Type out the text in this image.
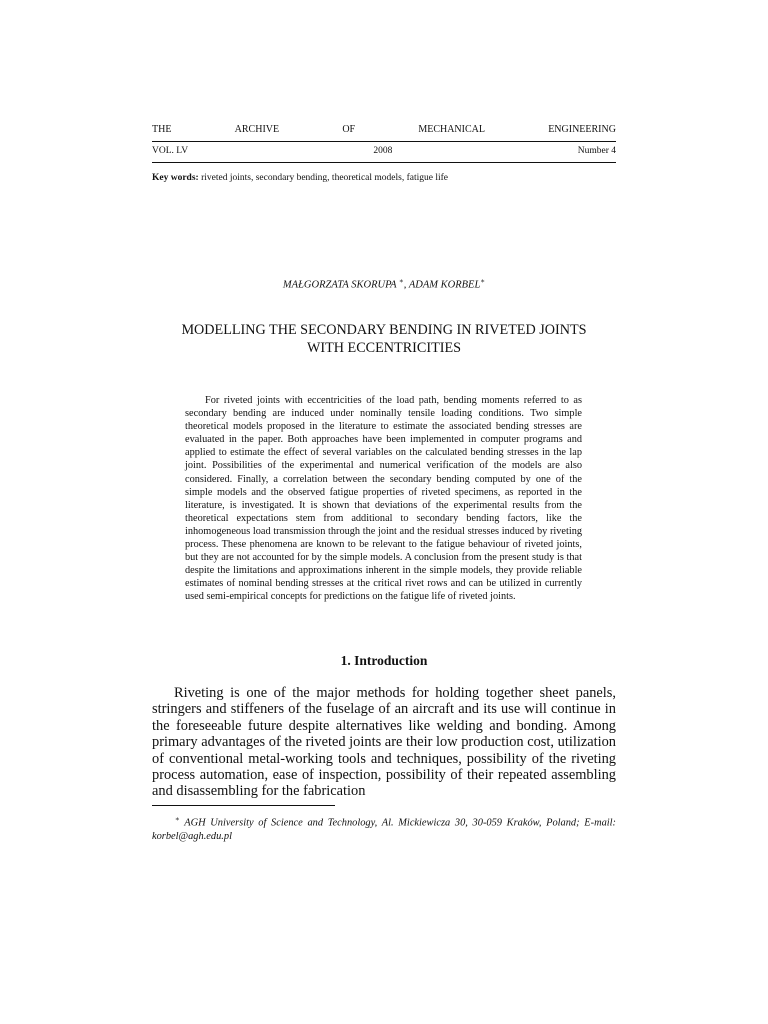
THE	ARCHIVE	OF	MECHANICAL	ENGINEERING
VOL. LV	2008	Number 4
Key words: riveted joints, secondary bending, theoretical models, fatigue life
MAŁGORZATA SKORUPA ∗, ADAM KORBEL∗
MODELLING THE SECONDARY BENDING IN RIVETED JOINTS
WITH ECCENTRICITIES

For riveted joints with eccentricities of the load path, bending moments referred to as secondary bending are induced under nominally tensile loading conditions. Two simple theoretical models proposed in the literature to estimate the associated bending stresses are evaluated in the paper. Both approaches have been implemented in computer programs and applied to estimate the effect of several variables on the calculated bending stresses in the lap joint. Possibilities of the experimental and numerical verification of the models are also considered. Finally, a correlation between the secondary bending computed by one of the simple models and the observed fatigue properties of riveted specimens, as reported in the literature, is investigated. It is shown that deviations of the experimental results from the theoretical expectations stem from additional to secondary bending factors, like the inhomogeneous load transmission through the joint and the residual stresses induced by riveting process. These phenomena are known to be relevant to the fatigue behaviour of riveted joints, but they are not accounted for by the simple models. A conclusion from the present study is that despite the limitations and approximations inherent in the simple models, they provide reliable estimates of nominal bending stresses at the critical rivet rows and can be utilized in currently used semi-empirical concepts for predictions on the fatigue life of riveted joints.

1. Introduction

Riveting is one of the major methods for holding together sheet panels, stringers and stiffeners of the fuselage of an aircraft and its use will continue in the foreseeable future despite alternatives like welding and bonding. Among primary advantages of the riveted joints are their low production cost, utilization of conventional metal-working tools and techniques, possibility of the riveting process automation, ease of inspection, possibility of their repeated assembling and disassembling for the fabrication

∗ AGH University of Science and Technology, Al. Mickiewicza 30, 30-059 Kraków, Poland; E-mail: korbel@agh.edu.pl
